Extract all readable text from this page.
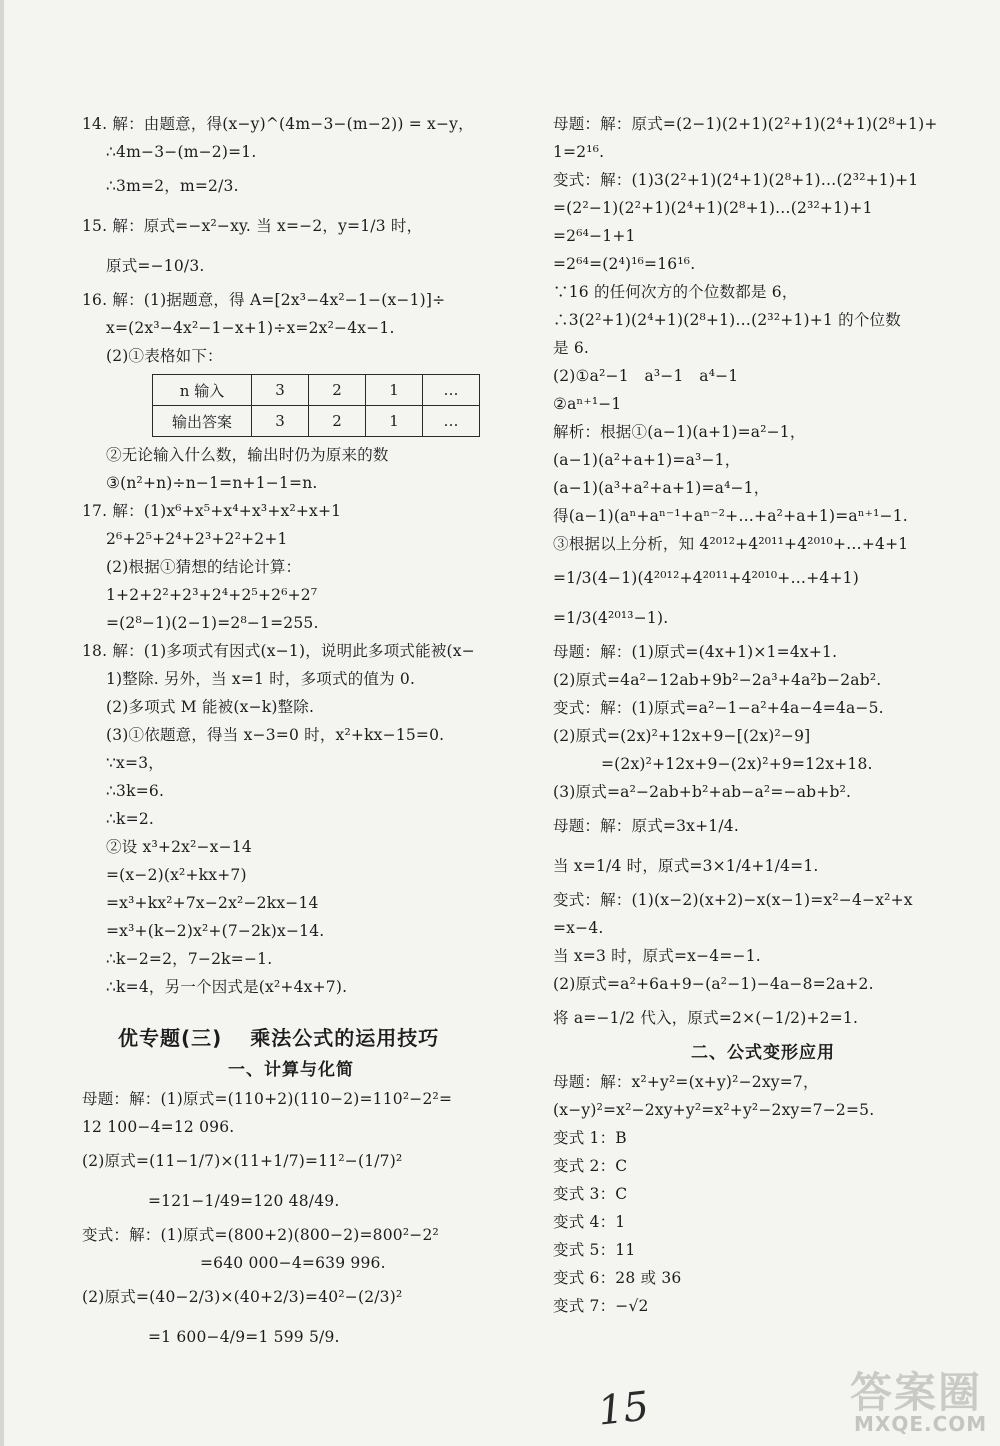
14. 解：由题意，得(x−y)^(4m−3−(m−2)) = x−y，
∴4m−3−(m−2)=1.
∴3m=2，m=2/3.
15. 解：原式=−x²−xy. 当 x=−2，y=1/3 时，
原式=−10/3.
16. 解：(1)据题意，得 A=[2x³−4x²−1−(x−1)]÷
x=(2x³−4x²−1−x+1)÷x=2x²−4x−1.
(2)①表格如下：
n 输入	3	2	1	…
输出答案	3	2	1	…
②无论输入什么数，输出时仍为原来的数
③(n²+n)÷n−1=n+1−1=n.
17. 解：(1)x⁶+x⁵+x⁴+x³+x²+x+1
2⁶+2⁵+2⁴+2³+2²+2+1
(2)根据①猜想的结论计算：
1+2+2²+2³+2⁴+2⁵+2⁶+2⁷
=(2⁸−1)(2−1)=2⁸−1=255.
18. 解：(1)多项式有因式(x−1)，说明此多项式能被(x−
1)整除. 另外，当 x=1 时，多项式的值为 0.
(2)多项式 M 能被(x−k)整除.
(3)①依题意，得当 x−3=0 时，x²+kx−15=0.
∵x=3，
∴3k=6.
∴k=2.
②设 x³+2x²−x−14
=(x−2)(x²+kx+7)
=x³+kx²+7x−2x²−2kx−14
=x³+(k−2)x²+(7−2k)x−14.
∴k−2=2，7−2k=−1.
∴k=4，另一个因式是(x²+4x+7).
优专题(三) 乘法公式的运用技巧
一、计算与化简
母题：解：(1)原式=(110+2)(110−2)=110²−2²=
12 100−4=12 096.
(2)原式=(11−1/7)×(11+1/7)=11²−(1/7)²
=121−1/49=120 48/49.
变式：解：(1)原式=(800+2)(800−2)=800²−2²
=640 000−4=639 996.
(2)原式=(40−2/3)×(40+2/3)=40²−(2/3)²
=1 600−4/9=1 599 5/9.
母题：解：原式=(2−1)(2+1)(2²+1)(2⁴+1)(2⁸+1)+
1=2¹⁶.
变式：解：(1)3(2²+1)(2⁴+1)(2⁸+1)…(2³²+1)+1
=(2²−1)(2²+1)(2⁴+1)(2⁸+1)…(2³²+1)+1
=2⁶⁴−1+1
=2⁶⁴=(2⁴)¹⁶=16¹⁶.
∵16 的任何次方的个位数都是 6，
∴3(2²+1)(2⁴+1)(2⁸+1)…(2³²+1)+1 的个位数
是 6.
(2)①a²−1　a³−1　a⁴−1
②aⁿ⁺¹−1
解析：根据①(a−1)(a+1)=a²−1，
(a−1)(a²+a+1)=a³−1，
(a−1)(a³+a²+a+1)=a⁴−1，
得(a−1)(aⁿ+aⁿ⁻¹+aⁿ⁻²+…+a²+a+1)=aⁿ⁺¹−1.
③根据以上分析，知 4²⁰¹²+4²⁰¹¹+4²⁰¹⁰+…+4+1
=1/3(4−1)(4²⁰¹²+4²⁰¹¹+4²⁰¹⁰+…+4+1)
=1/3(4²⁰¹³−1).
母题：解：(1)原式=(4x+1)×1=4x+1.
(2)原式=4a²−12ab+9b²−2a³+4a²b−2ab².
变式：解：(1)原式=a²−1−a²+4a−4=4a−5.
(2)原式=(2x)²+12x+9−[(2x)²−9]
=(2x)²+12x+9−(2x)²+9=12x+18.
(3)原式=a²−2ab+b²+ab−a²=−ab+b².
母题：解：原式=3x+1/4.
当 x=1/4 时，原式=3×1/4+1/4=1.
变式：解：(1)(x−2)(x+2)−x(x−1)=x²−4−x²+x
=x−4.
当 x=3 时，原式=x−4=−1.
(2)原式=a²+6a+9−(a²−1)−4a−8=2a+2.
将 a=−1/2 代入，原式=2×(−1/2)+2=1.
二、公式变形应用
母题：解：x²+y²=(x+y)²−2xy=7，
(x−y)²=x²−2xy+y²=x²+y²−2xy=7−2=5.
变式 1：B
变式 2：C
变式 3：C
变式 4：1
变式 5：11
变式 6：28 或 36
变式 7：−√2
15	答案圈
MXQE.COM
